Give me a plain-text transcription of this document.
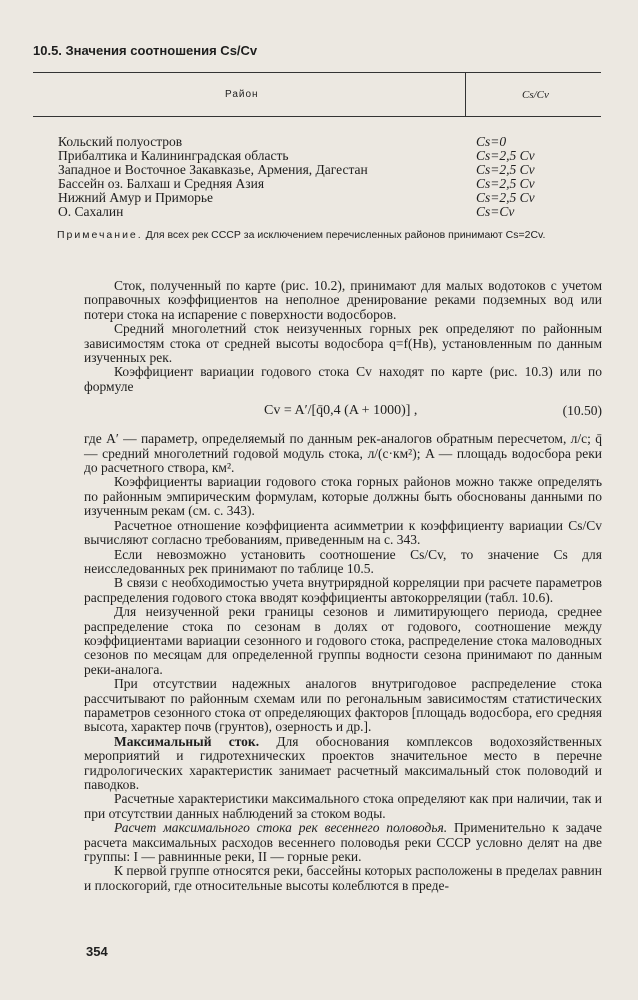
10.5. Значения соотношения Cs/Cv
Район	Cs/Cv
Кольский полуостров	Cs=0
Прибалтика и Калининградская область	Cs=2,5 Cv
Западное и Восточное Закавказье, Армения, Дагестан	Cs=2,5 Cv
Бассейн оз. Балхаш и Средняя Азия	Cs=2,5 Cv
Нижний Амур и Приморье	Cs=2,5 Cv
О. Сахалин	Cs=Cv
Примечание. Для всех рек СССР за исключением перечисленных районов принимают Cs=2Cv.

Сток, полученный по карте (рис. 10.2), принимают для малых водотоков с учетом поправочных коэффициентов на неполное дренирование реками подземных вод или потери стока на испарение с поверхности водосборов.

Средний многолетний сток неизученных горных рек определяют по районным зависимостям стока от средней высоты водосбора q=f(Hв), установленным по данным изученных рек.

Коэффициент вариации годового стока Cv находят по карте (рис. 10.3) или по формуле

Cv = A′/[q̄0,4 (A + 1000)] ,	(10.50)

где A′ — параметр, определяемый по данным рек-аналогов обратным пересчетом, л/с; q̄ — средний многолетний годовой модуль стока, л/(с·км²); A — площадь водосбора реки до расчетного створа, км².

Коэффициенты вариации годового стока горных районов можно также определять по районным эмпирическим формулам, которые должны быть обоснованы данными по изученным рекам (см. с. 343).

Расчетное отношение коэффициента асимметрии к коэффициенту вариации Cs/Cv вычисляют согласно требованиям, приведенным на с. 343.

Если невозможно установить соотношение Cs/Cv, то значение Cs для неисследованных рек принимают по таблице 10.5.

В связи с необходимостью учета внутрирядной корреляции при расчете параметров распределения годового стока вводят коэффициенты автокорреляции (табл. 10.6).

Для неизученной реки границы сезонов и лимитирующего периода, среднее распределение стока по сезонам в долях от годового, соотношение между коэффициентами вариации сезонного и годового стока, распределение стока маловодных сезонов по месяцам для определенной группы водности сезона принимают по данным реки-аналога.

При отсутствии надежных аналогов внутригодовое распределение стока рассчитывают по районным схемам или по регональным зависимостям статистических параметров сезонного стока от определяющих факторов [площадь водосбора, его средняя высота, характер почв (грунтов), озерность и др.].

Максимальный сток. Для обоснования комплексов водохозяйственных мероприятий и гидротехнических проектов значительное место в перечне гидрологических характеристик занимает расчетный максимальный сток половодий и паводков.

Расчетные характеристики максимального стока определяют как при наличии, так и при отсутствии данных наблюдений за стоком воды.

Расчет максимального стока рек весеннего половодья. Применительно к задаче расчета максимальных расходов весеннего половодья реки СССР условно делят на две группы: I — равнинные реки, II — горные реки.

К первой группе относятся реки, бассейны которых расположены в пределах равнин и плоскогорий, где относительные высоты колеблются в преде-

354
